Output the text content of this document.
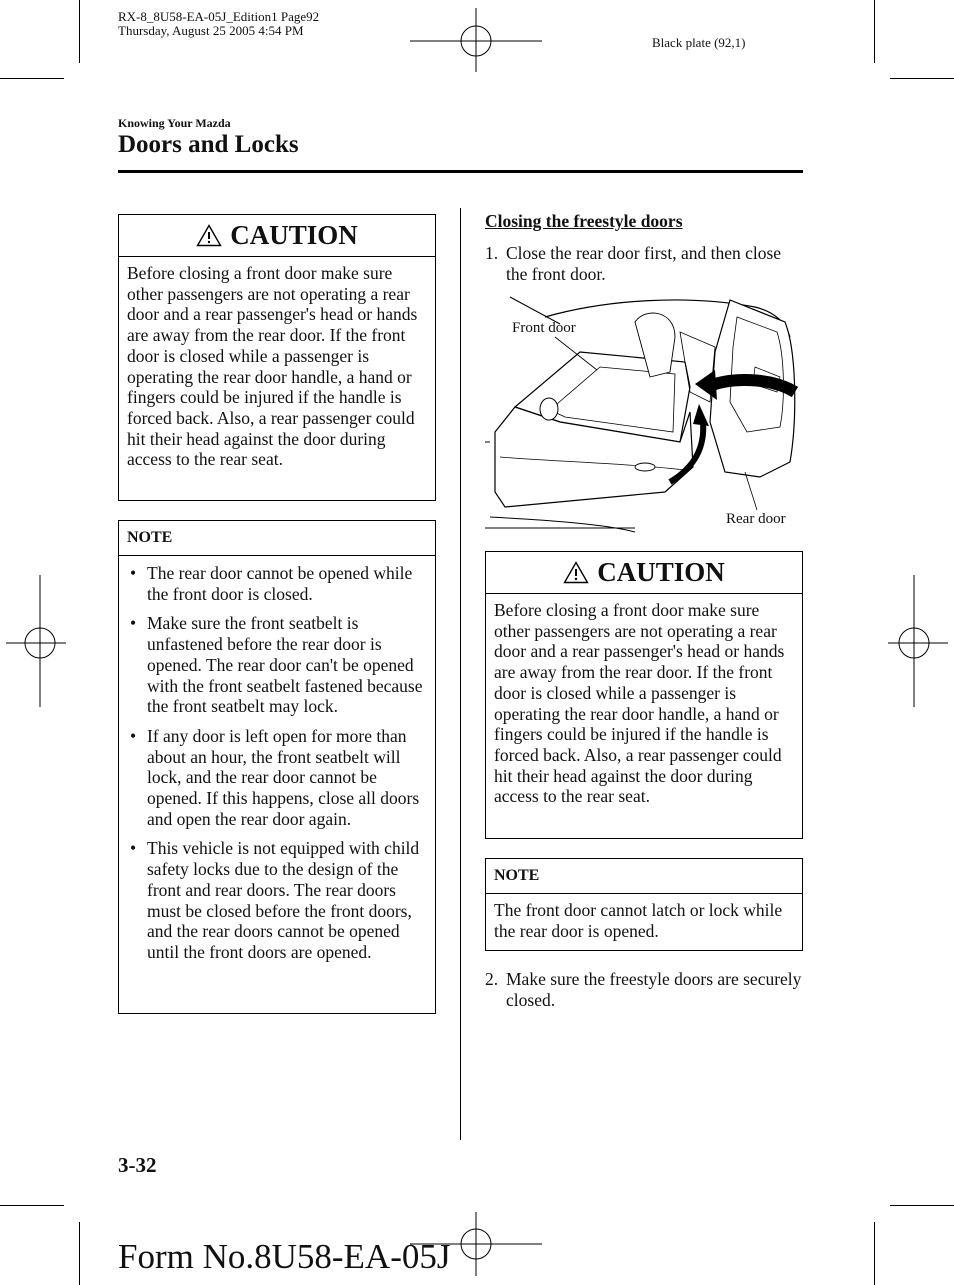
RX-8_8U58-EA-05J_Edition1 Page92
Thursday, August 25 2005 4:54 PM
Black plate (92,1)
Knowing Your Mazda
Doors and Locks
CAUTION
Before closing a front door make sure other passengers are not operating a rear door and a rear passenger's head or hands are away from the rear door. If the front door is closed while a passenger is operating the rear door handle, a hand or fingers could be injured if the handle is forced back. Also, a rear passenger could hit their head against the door during access to the rear seat.
NOTE
• The rear door cannot be opened while the front door is closed.
• Make sure the front seatbelt is unfastened before the rear door is opened. The rear door can't be opened with the front seatbelt fastened because the front seatbelt may lock.
• If any door is left open for more than about an hour, the front seatbelt will lock, and the rear door cannot be opened. If this happens, close all doors and open the rear door again.
• This vehicle is not equipped with child safety locks due to the design of the front and rear doors. The rear doors must be closed before the front doors, and the rear doors cannot be opened until the front doors are opened.
Closing the freestyle doors
1. Close the rear door first, and then close the front door.
Front door
Rear door
CAUTION
Before closing a front door make sure other passengers are not operating a rear door and a rear passenger's head or hands are away from the rear door. If the front door is closed while a passenger is operating the rear door handle, a hand or fingers could be injured if the handle is forced back. Also, a rear passenger could hit their head against the door during access to the rear seat.
NOTE
The front door cannot latch or lock while the rear door is opened.
2. Make sure the freestyle doors are securely closed.
3-32
Form No.8U58-EA-05J
